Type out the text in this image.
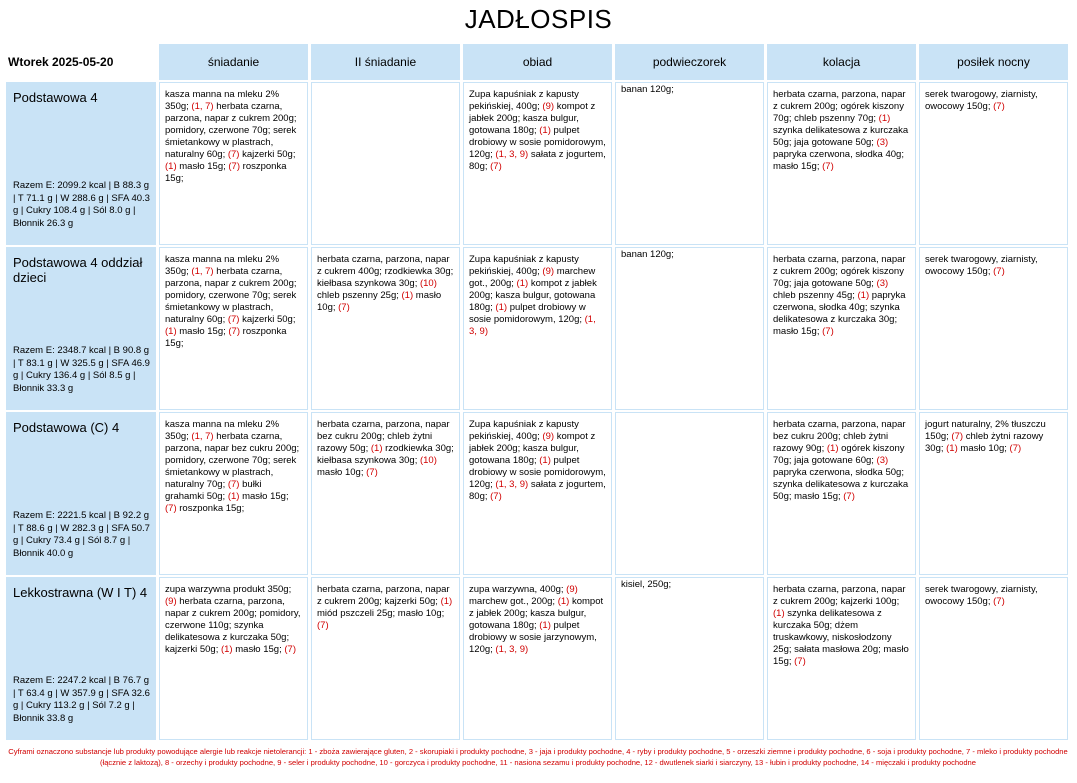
JADŁOSPIS
Wtorek 2025-05-20	śniadanie	II śniadanie	obiad	podwieczorek	kolacja	posiłek nocny

Podstawowa 4
Razem E: 2099.2 kcal | B 88.3 g | T 71.1 g | W 288.6 g | SFA 40.3 g | Cukry 108.4 g | Sól 8.0 g | Błonnik 26.3 g	kasza manna na mleku 2% 350g; (1, 7) herbata czarna, parzona, napar z cukrem 200g; pomidory, czerwone 70g; serek śmietankowy w plastrach, naturalny 60g; (7) kajzerki 50g; (1) masło 15g; (7) roszponka 15g;		Zupa kapuśniak z kapusty pekińskiej, 400g; (9) kompot z jabłek 200g; kasza bulgur, gotowana 180g; (1) pulpet drobiowy w sosie pomidorowym, 120g; (1, 3, 9) sałata z jogurtem, 80g; (7)	banan 120g;	herbata czarna, parzona, napar z cukrem 200g; ogórek kiszony 70g; chleb pszenny 70g; (1) szynka delikatesowa z kurczaka 50g; jaja gotowane 50g; (3) papryka czerwona, słodka 40g; masło 15g; (7)	serek twarogowy, ziarnisty, owocowy 150g; (7)

Podstawowa 4 oddział dzieci
Razem E: 2348.7 kcal | B 90.8 g | T 83.1 g | W 325.5 g | SFA 46.9 g | Cukry 136.4 g | Sól 8.5 g | Błonnik 33.3 g	kasza manna na mleku 2% 350g; (1, 7) herbata czarna, parzona, napar z cukrem 200g; pomidory, czerwone 70g; serek śmietankowy w plastrach, naturalny 60g; (7) kajzerki 50g; (1) masło 15g; (7) roszponka 15g;	herbata czarna, parzona, napar z cukrem 400g; rzodkiewka 30g; kiełbasa szynkowa 30g; (10) chleb pszenny 25g; (1) masło 10g; (7)	Zupa kapuśniak z kapusty pekińskiej, 400g; (9) marchew got., 200g; (1) kompot z jabłek 200g; kasza bulgur, gotowana 180g; (1) pulpet drobiowy w sosie pomidorowym, 120g; (1, 3, 9)	banan 120g;	herbata czarna, parzona, napar z cukrem 200g; ogórek kiszony 70g; jaja gotowane 50g; (3) chleb pszenny 45g; (1) papryka czerwona, słodka 40g; szynka delikatesowa z kurczaka 30g; masło 15g; (7)	serek twarogowy, ziarnisty, owocowy 150g; (7)

Podstawowa (C) 4
Razem E: 2221.5 kcal | B 92.2 g | T 88.6 g | W 282.3 g | SFA 50.7 g | Cukry 73.4 g | Sól 8.7 g | Błonnik 40.0 g	kasza manna na mleku 2% 350g; (1, 7) herbata czarna, parzona, napar bez cukru 200g; pomidory, czerwone 70g; serek śmietankowy w plastrach, naturalny 70g; (7) bułki grahamki 50g; (1) masło 15g; (7) roszponka 15g;	herbata czarna, parzona, napar bez cukru 200g; chleb żytni razowy 50g; (1) rzodkiewka 30g; kiełbasa szynkowa 30g; (10) masło 10g; (7)	Zupa kapuśniak z kapusty pekińskiej, 400g; (9) kompot z jabłek 200g; kasza bulgur, gotowana 180g; (1) pulpet drobiowy w sosie pomidorowym, 120g; (1, 3, 9) sałata z jogurtem, 80g; (7)		herbata czarna, parzona, napar bez cukru 200g; chleb żytni razowy 90g; (1) ogórek kiszony 70g; jaja gotowane 60g; (3) papryka czerwona, słodka 50g; szynka delikatesowa z kurczaka 50g; masło 15g; (7)	jogurt naturalny, 2% tłuszczu 150g; (7) chleb żytni razowy 30g; (1) masło 10g; (7)

Lekkostrawna (W I T) 4
Razem E: 2247.2 kcal | B 76.7 g | T 63.4 g | W 357.9 g | SFA 32.6 g | Cukry 113.2 g | Sól 7.2 g | Błonnik 33.8 g	zupa warzywna produkt 350g; (9) herbata czarna, parzona, napar z cukrem 200g; pomidory, czerwone 110g; szynka delikatesowa z kurczaka 50g; kajzerki 50g; (1) masło 15g; (7)	herbata czarna, parzona, napar z cukrem 200g; kajzerki 50g; (1) miód pszczeli 25g; masło 10g; (7)	zupa warzywna, 400g; (9) marchew got., 200g; (1) kompot z jabłek 200g; kasza bulgur, gotowana 180g; (1) pulpet drobiowy w sosie jarzynowym, 120g; (1, 3, 9)	kisiel, 250g;	herbata czarna, parzona, napar z cukrem 200g; kajzerki 100g; (1) szynka delikatesowa z kurczaka 50g; dżem truskawkowy, niskosłodzony 25g; sałata masłowa 20g; masło 15g; (7)	serek twarogowy, ziarnisty, owocowy 150g; (7)
Cyframi oznaczono substancje lub produkty powodujące alergie lub reakcje nietolerancji: 1 - zboża zawierające gluten, 2 - skorupiaki i produkty pochodne, 3 - jaja i produkty pochodne, 4 - ryby i produkty pochodne, 5 - orzeszki ziemne i produkty pochodne, 6 - soja i produkty pochodne, 7 - mleko i produkty pochodne (łącznie z laktozą), 8 - orzechy i produkty pochodne, 9 - seler i produkty pochodne, 10 - gorczyca i produkty pochodne, 11 - nasiona sezamu i produkty pochodne, 12 - dwutlenek siarki i siarczyny, 13 - łubin i produkty pochodne, 14 - mięczaki i produkty pochodne
